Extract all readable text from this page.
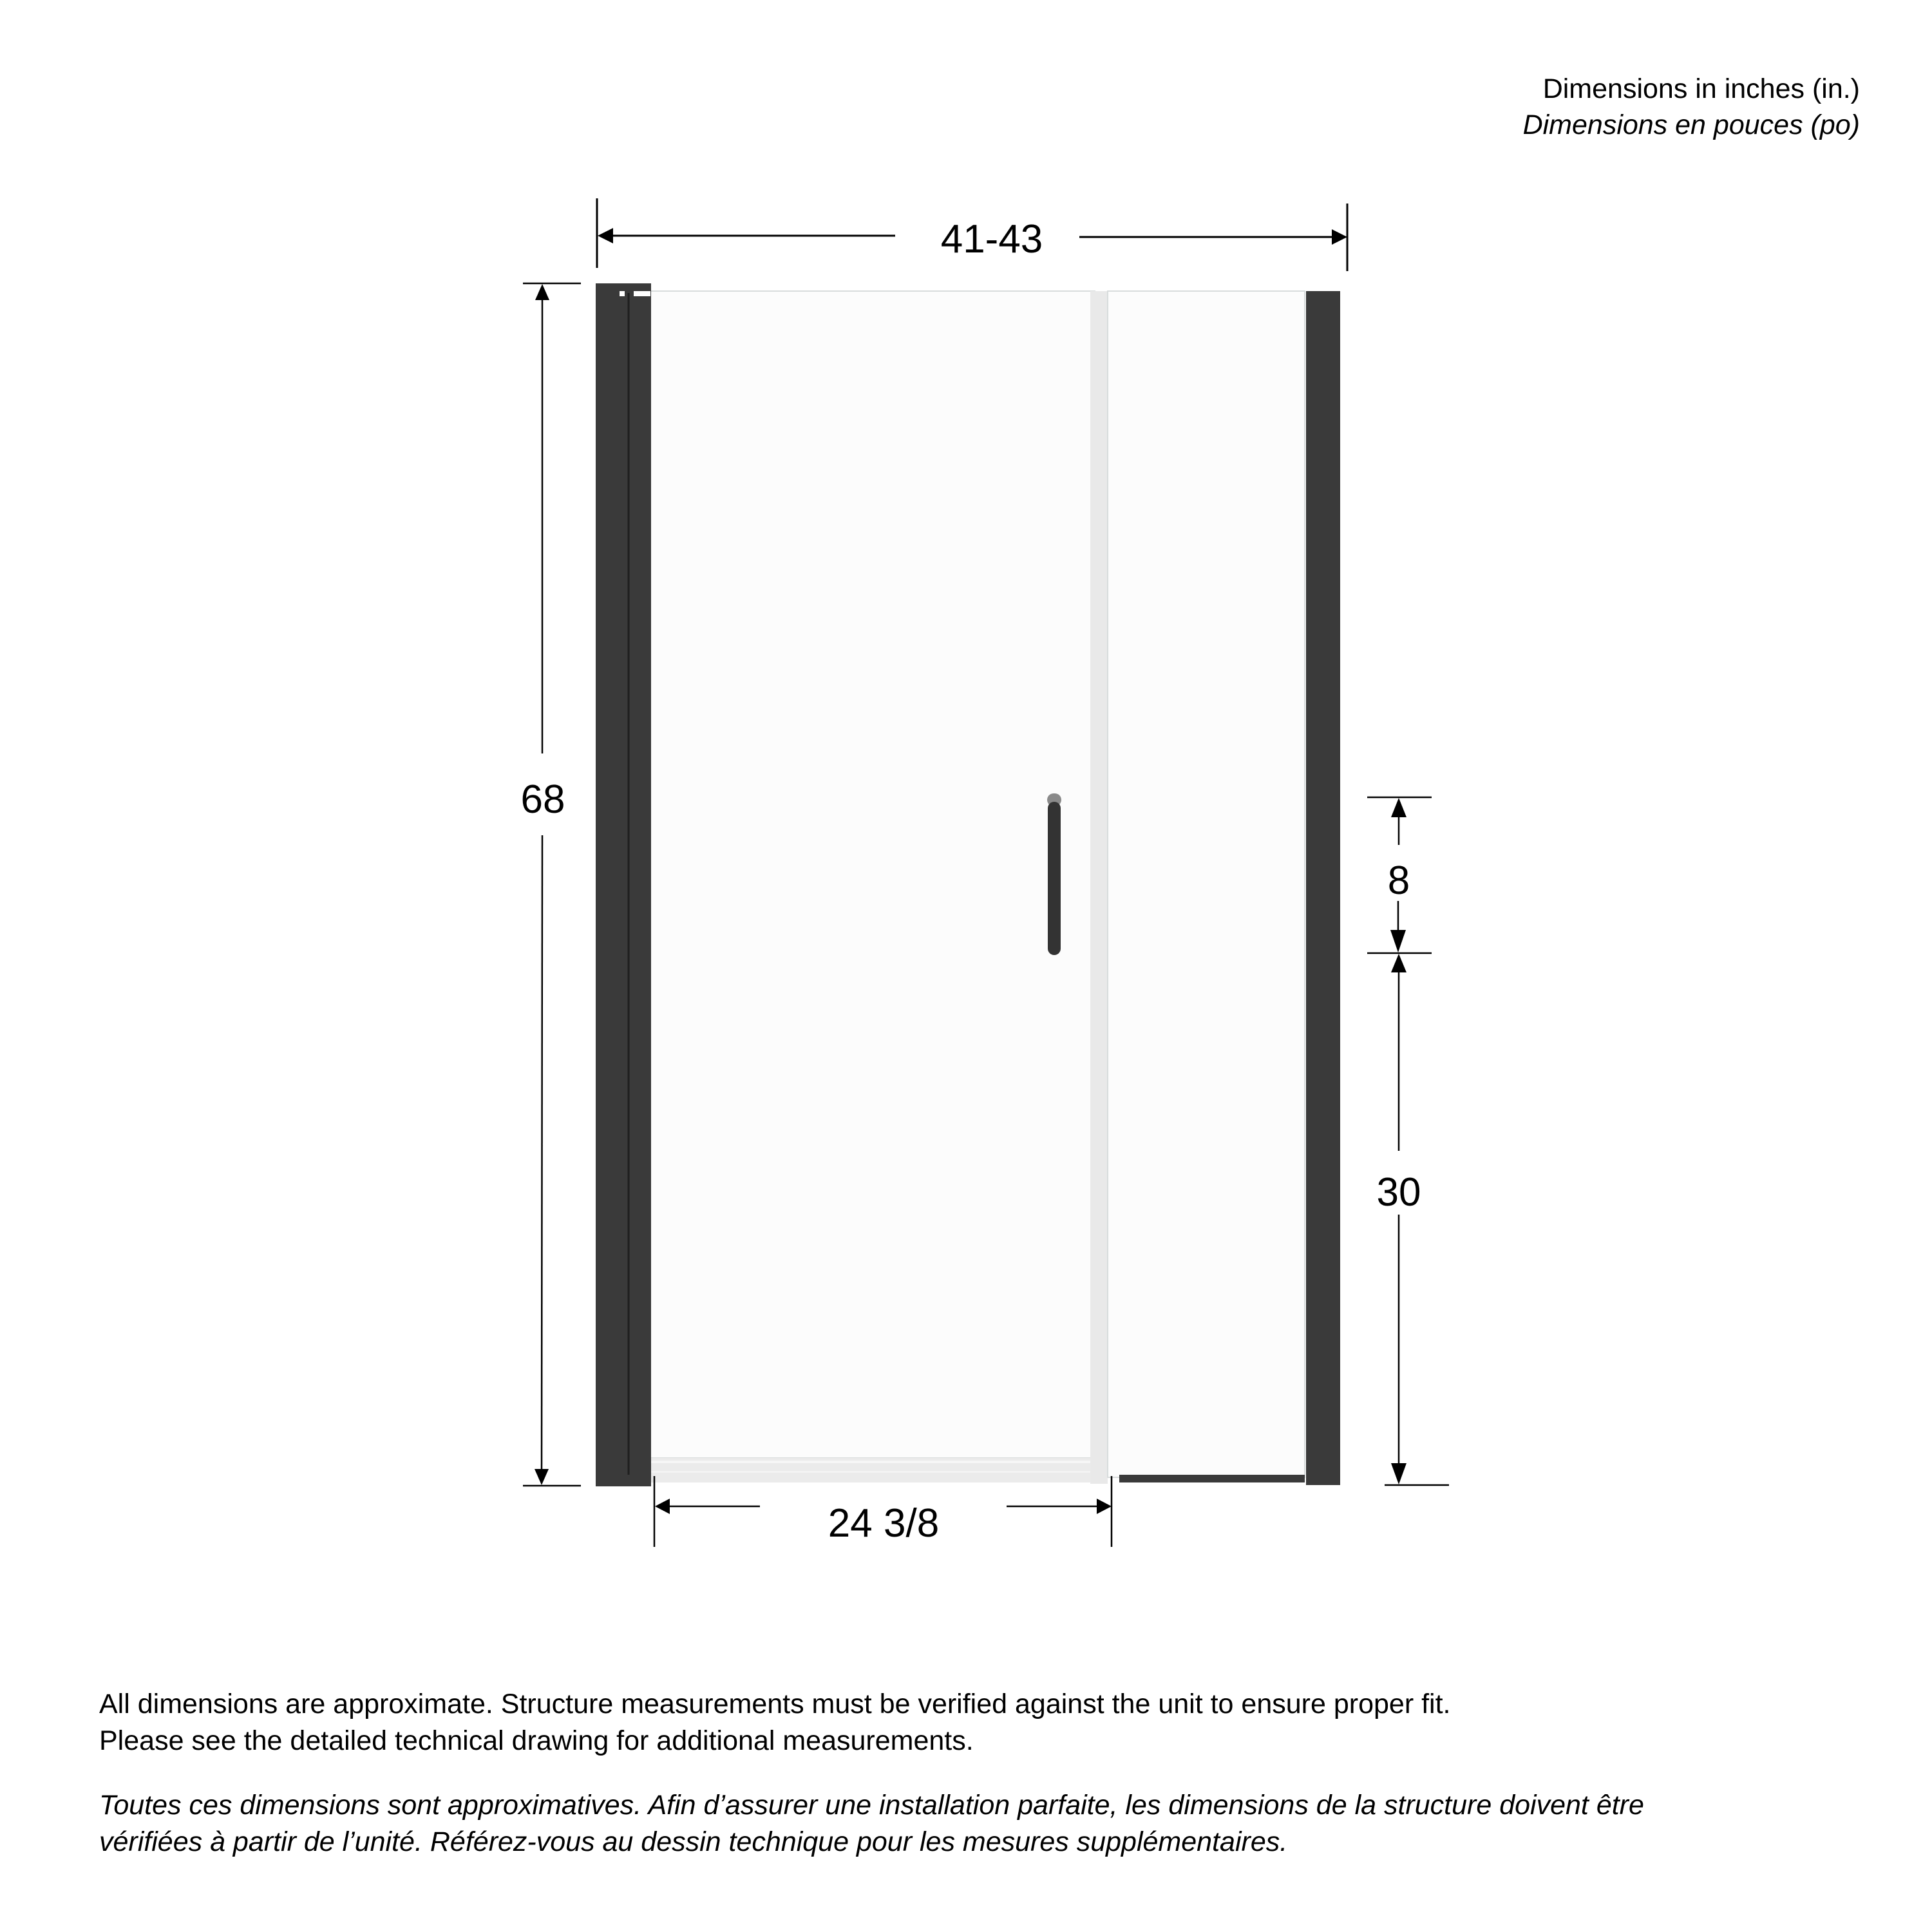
Dimensions in inches (in.)
Dimensions en pouces (po)
41-43
68
8
30
24 3/8

All dimensions are approximate. Structure measurements must be verified against the unit to ensure proper fit.

Please see the detailed technical drawing for additional measurements.

Toutes ces dimensions sont approximatives. Afin d’assurer une installation parfaite, les dimensions de la structure doivent être

vérifiées à partir de l’unité. Référez-vous au dessin technique pour les mesures supplémentaires.
